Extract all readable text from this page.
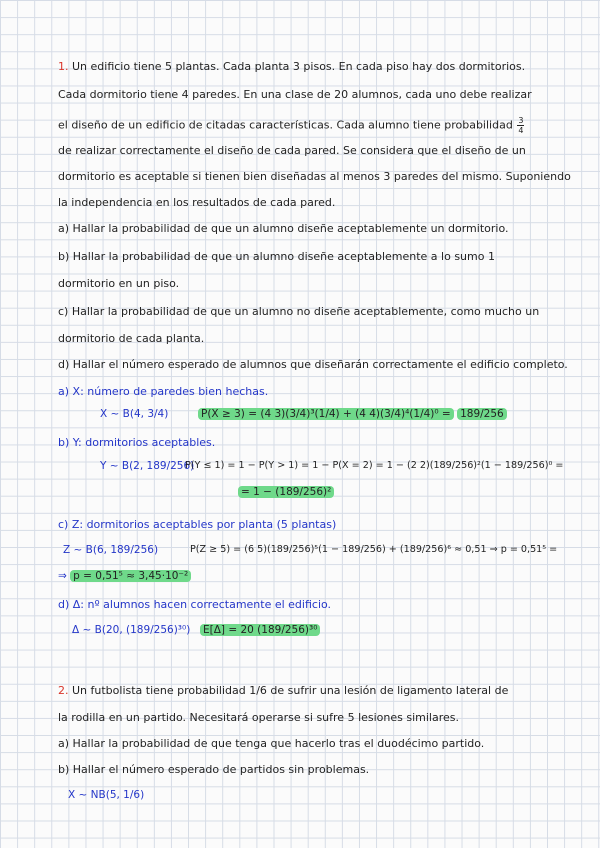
1. Un edificio tiene 5 plantas. Cada planta 3 pisos. En cada piso hay dos dormitorios.
Cada dormitorio tiene 4 paredes. En una clase de 20 alumnos, cada uno debe realizar
el diseño de un edificio de citadas características. Cada alumno tiene probabilidad $\frac{3}{4}$
de realizar correctamente el diseño de cada pared. Se considera que el diseño de un
dormitorio es aceptable si tienen bien diseñadas al menos 3 paredes del mismo. Suponiendo
la independencia en los resultados de cada pared.
a) Hallar la probabilidad de que un alumno diseñe aceptablemente un dormitorio.
b) Hallar la probabilidad de que un alumno diseñe aceptablemente a lo sumo 1
dormitorio en un piso.
c) Hallar la probabilidad de que un alumno no diseñe aceptablemente, como mucho un
dormitorio de cada planta.
d) Hallar el número esperado de alumnos que diseñarán correctamente el edificio completo.
a) X: número de paredes bien hechas.
X ~ B(4, 3/4)	P(X ≥ 3) = (4 3)(3/4)³(1/4) + (4 4)(3/4)⁴(1/4)⁰ = 189/256
b) Y: dormitorios aceptables.
Y ~ B(2, 189/256)
P(Y ≤ 1) = 1 − P(Y > 1) = 1 − P(X = 2) = 1 − (2 2)(189/256)²(1 − 189/256)⁰ =
= 1 − (189/256)²
c) Z: dormitorios aceptables por planta (5 plantas)
Z ~ B(6, 189/256)	P(Z ≥ 5) = (6 5)(189/256)⁵(1 − 189/256) + (189/256)⁶ ≈ 0,51 ⇒ p = 0,51⁵ =
⇒ p = 0,51⁵ ≈ 3,45·10⁻²
d) Δ: nº alumnos hacen correctamente el edificio.
Δ ~ B(20, (189/256)³⁰) E[Δ] = 20 (189/256)³⁰
2. Un futbolista tiene probabilidad 1/6 de sufrir una lesión de ligamento lateral de
la rodilla en un partido. Necesitará operarse si sufre 5 lesiones similares.
a) Hallar la probabilidad de que tenga que hacerlo tras el duodécimo partido.
b) Hallar el número esperado de partidos sin problemas.
X ~ NB(5, 1/6)
